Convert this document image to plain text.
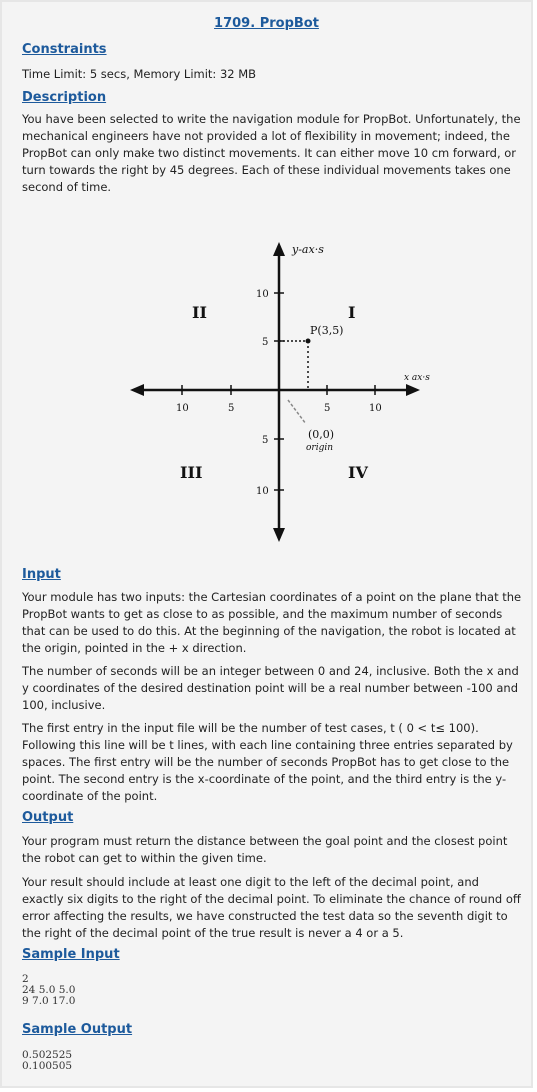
1709. PropBot
Constraints
Time Limit: 5 secs, Memory Limit: 32 MB
Description
You have been selected to write the navigation module for PropBot. Unfortunately, the mechanical engineers have not provided a lot of flexibility in movement; indeed, the PropBot can only make two distinct movements. It can either move 10 cm forward, or turn towards the right by 45 degrees. Each of these individual movements takes one second of time.
y-ax·s
x ax·s
II	I
III	IV
P(3,5)
(0,0)
origin
10	5	5	10
10
5
5
10
Input
Your module has two inputs: the Cartesian coordinates of a point on the plane that the PropBot wants to get as close to as possible, and the maximum number of seconds that can be used to do this. At the beginning of the navigation, the robot is located at the origin, pointed in the + x direction.
The number of seconds will be an integer between 0 and 24, inclusive. Both the x and y coordinates of the desired destination point will be a real number between -100 and 100, inclusive.
The first entry in the input file will be the number of test cases, t ( 0 < t≤ 100). Following this line will be t lines, with each line containing three entries separated by spaces. The first entry will be the number of seconds PropBot has to get close to the point. The second entry is the x-coordinate of the point, and the third entry is the y-coordinate of the point.
Output
Your program must return the distance between the goal point and the closest point the robot can get to within the given time.
Your result should include at least one digit to the left of the decimal point, and exactly six digits to the right of the decimal point. To eliminate the chance of round off error affecting the results, we have constructed the test data so the seventh digit to the right of the decimal point of the true result is never a 4 or a 5.
Sample Input
2
24 5.0 5.0
9 7.0 17.0
Sample Output
0.502525
0.100505
